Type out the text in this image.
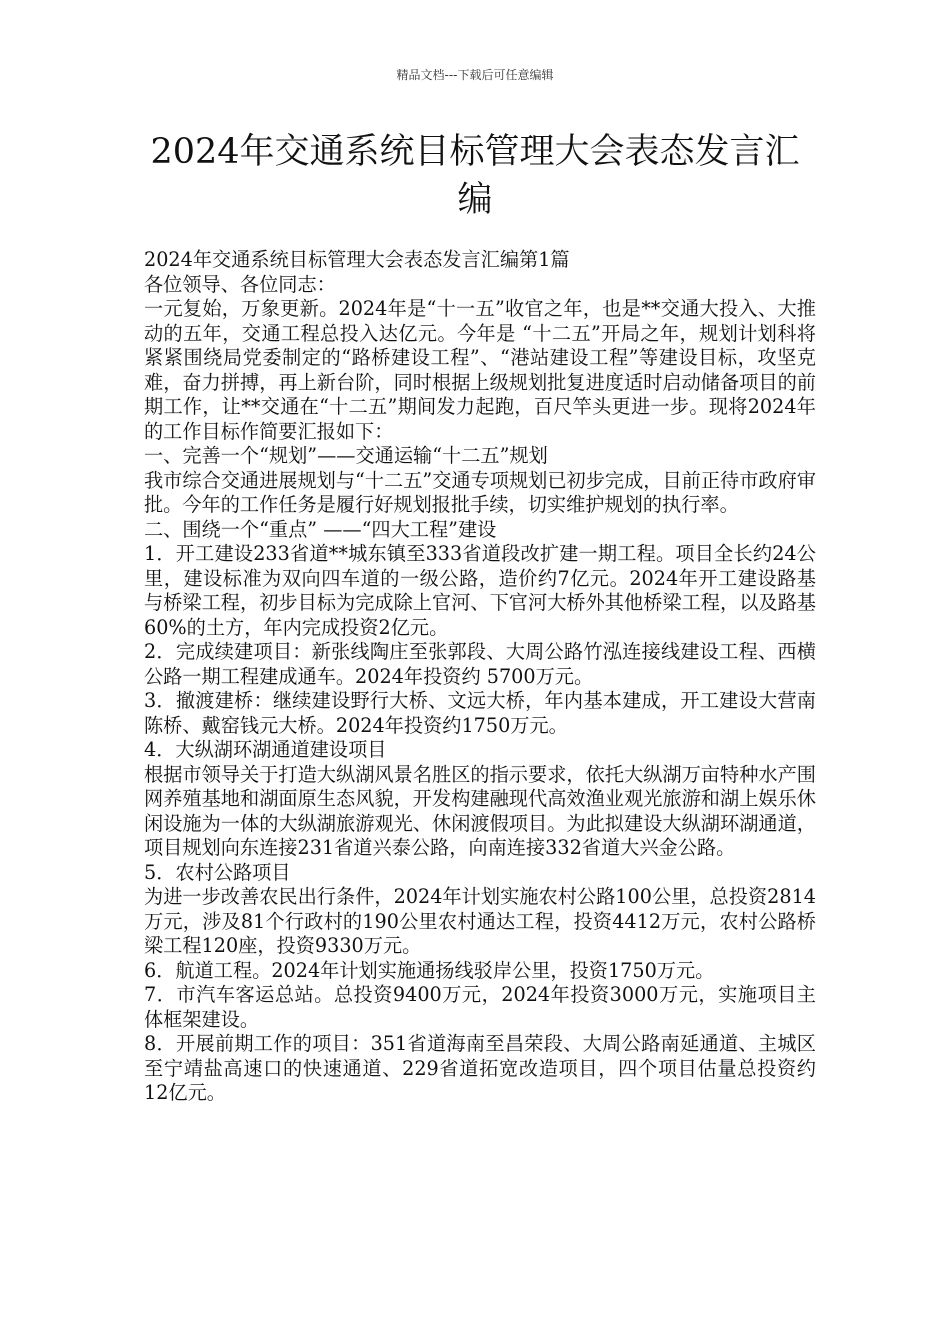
精品文档---下载后可任意编辑
2024年交通系统目标管理大会表态发言汇编

2024年交通系统目标管理大会表态发言汇编第1篇

各位领导、各位同志：

一元复始，万象更新。2024年是“十一五”收官之年，也是**交通大投入、大推动的五年，交通工程总投入达亿元。今年是 “十二五”开局之年，规划计划科将紧紧围绕局党委制定的“路桥建设工程”、“港站建设工程”等建设目标，攻坚克难，奋力拼搏，再上新台阶，同时根据上级规划批复进度适时启动储备项目的前期工作，让**交通在“十二五”期间发力起跑，百尺竿头更进一步。现将2024年的工作目标作简要汇报如下：

一、完善一个“规划”——交通运输“十二五”规划

我市综合交通进展规划与“十二五”交通专项规划已初步完成，目前正待市政府审批。今年的工作任务是履行好规划报批手续，切实维护规划的执行率。

二、围绕一个“重点” ——“四大工程”建设

1．开工建设233省道**城东镇至333省道段改扩建一期工程。项目全长约24公里，建设标准为双向四车道的一级公路，造价约7亿元。2024年开工建设路基与桥梁工程，初步目标为完成除上官河、下官河大桥外其他桥梁工程，以及路基60%的土方，年内完成投资2亿元。

2．完成续建项目：新张线陶庄至张郭段、大周公路竹泓连接线建设工程、西横公路一期工程建成通车。2024年投资约 5700万元。

3．撤渡建桥：继续建设野行大桥、文远大桥，年内基本建成，开工建设大营南陈桥、戴窑钱元大桥。2024年投资约1750万元。

4．大纵湖环湖通道建设项目

根据市领导关于打造大纵湖风景名胜区的指示要求，依托大纵湖万亩特种水产围网养殖基地和湖面原生态风貌，开发构建融现代高效渔业观光旅游和湖上娱乐休闲设施为一体的大纵湖旅游观光、休闲渡假项目。为此拟建设大纵湖环湖通道，项目规划向东连接231省道兴泰公路，向南连接332省道大兴金公路。

5．农村公路项目

为进一步改善农民出行条件，2024年计划实施农村公路100公里，总投资2814万元，涉及81个行政村的190公里农村通达工程，投资4412万元，农村公路桥梁工程120座，投资9330万元。

6．航道工程。2024年计划实施通扬线驳岸公里，投资1750万元。

7．市汽车客运总站。总投资9400万元，2024年投资3000万元，实施项目主体框架建设。

8．开展前期工作的项目：351省道海南至昌荣段、大周公路南延通道、主城区至宁靖盐高速口的快速通道、229省道拓宽改造项目，四个项目估量总投资约12亿元。
